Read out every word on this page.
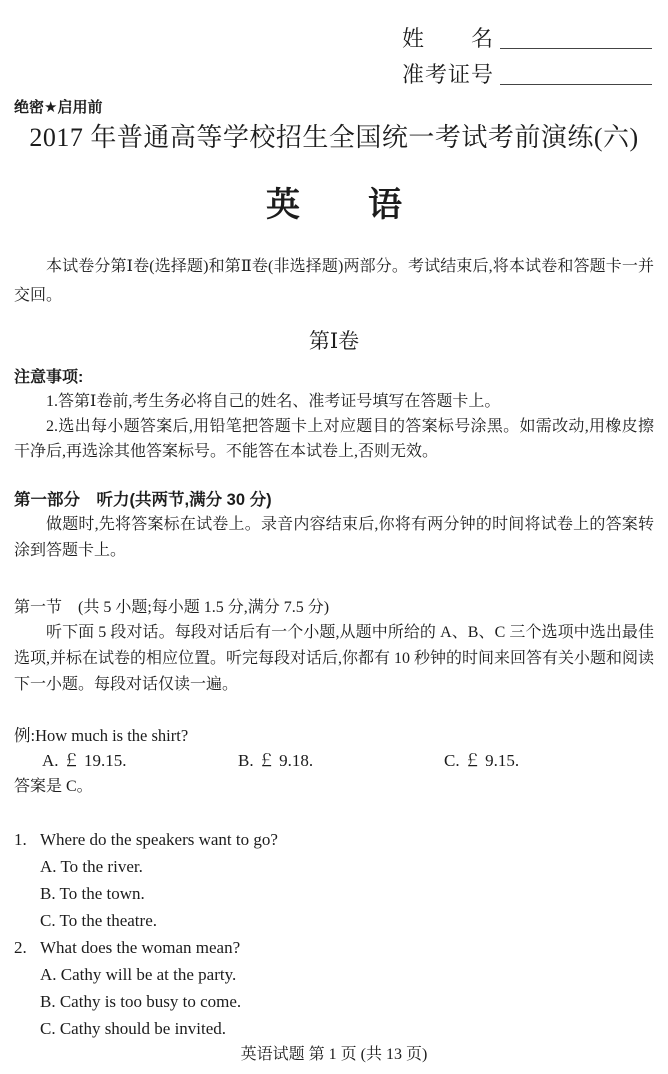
姓　　名
准考证号
绝密★启用前
2017 年普通高等学校招生全国统一考试考前演练(六)
英　　语

本试卷分第Ⅰ卷(选择题)和第Ⅱ卷(非选择题)两部分。考试结束后,将本试卷和答题卡一并交回。

第Ⅰ卷
注意事项:

1.答第Ⅰ卷前,考生务必将自己的姓名、准考证号填写在答题卡上。

2.选出每小题答案后,用铅笔把答题卡上对应题目的答案标号涂黑。如需改动,用橡皮擦干净后,再选涂其他答案标号。不能答在本试卷上,否则无效。

第一部分　听力(共两节,满分 30 分)

做题时,先将答案标在试卷上。录音内容结束后,你将有两分钟的时间将试卷上的答案转涂到答题卡上。

第一节　(共 5 小题;每小题 1.5 分,满分 7.5 分)

听下面 5 段对话。每段对话后有一个小题,从题中所给的 A、B、C 三个选项中选出最佳选项,并标在试卷的相应位置。听完每段对话后,你都有 10 秒钟的时间来回答有关小题和阅读下一小题。每段对话仅读一遍。

例:How much is the shirt?
A. ￡ 19.15.	B. ￡ 9.18.	C. ￡ 9.15.
答案是 C。
1. Where do the speakers want to go?
A. To the river.
B. To the town.
C. To the theatre.
2. What does the woman mean?
A. Cathy will be at the party.
B. Cathy is too busy to come.
C. Cathy should be invited.
英语试题 第 1 页 (共 13 页)
